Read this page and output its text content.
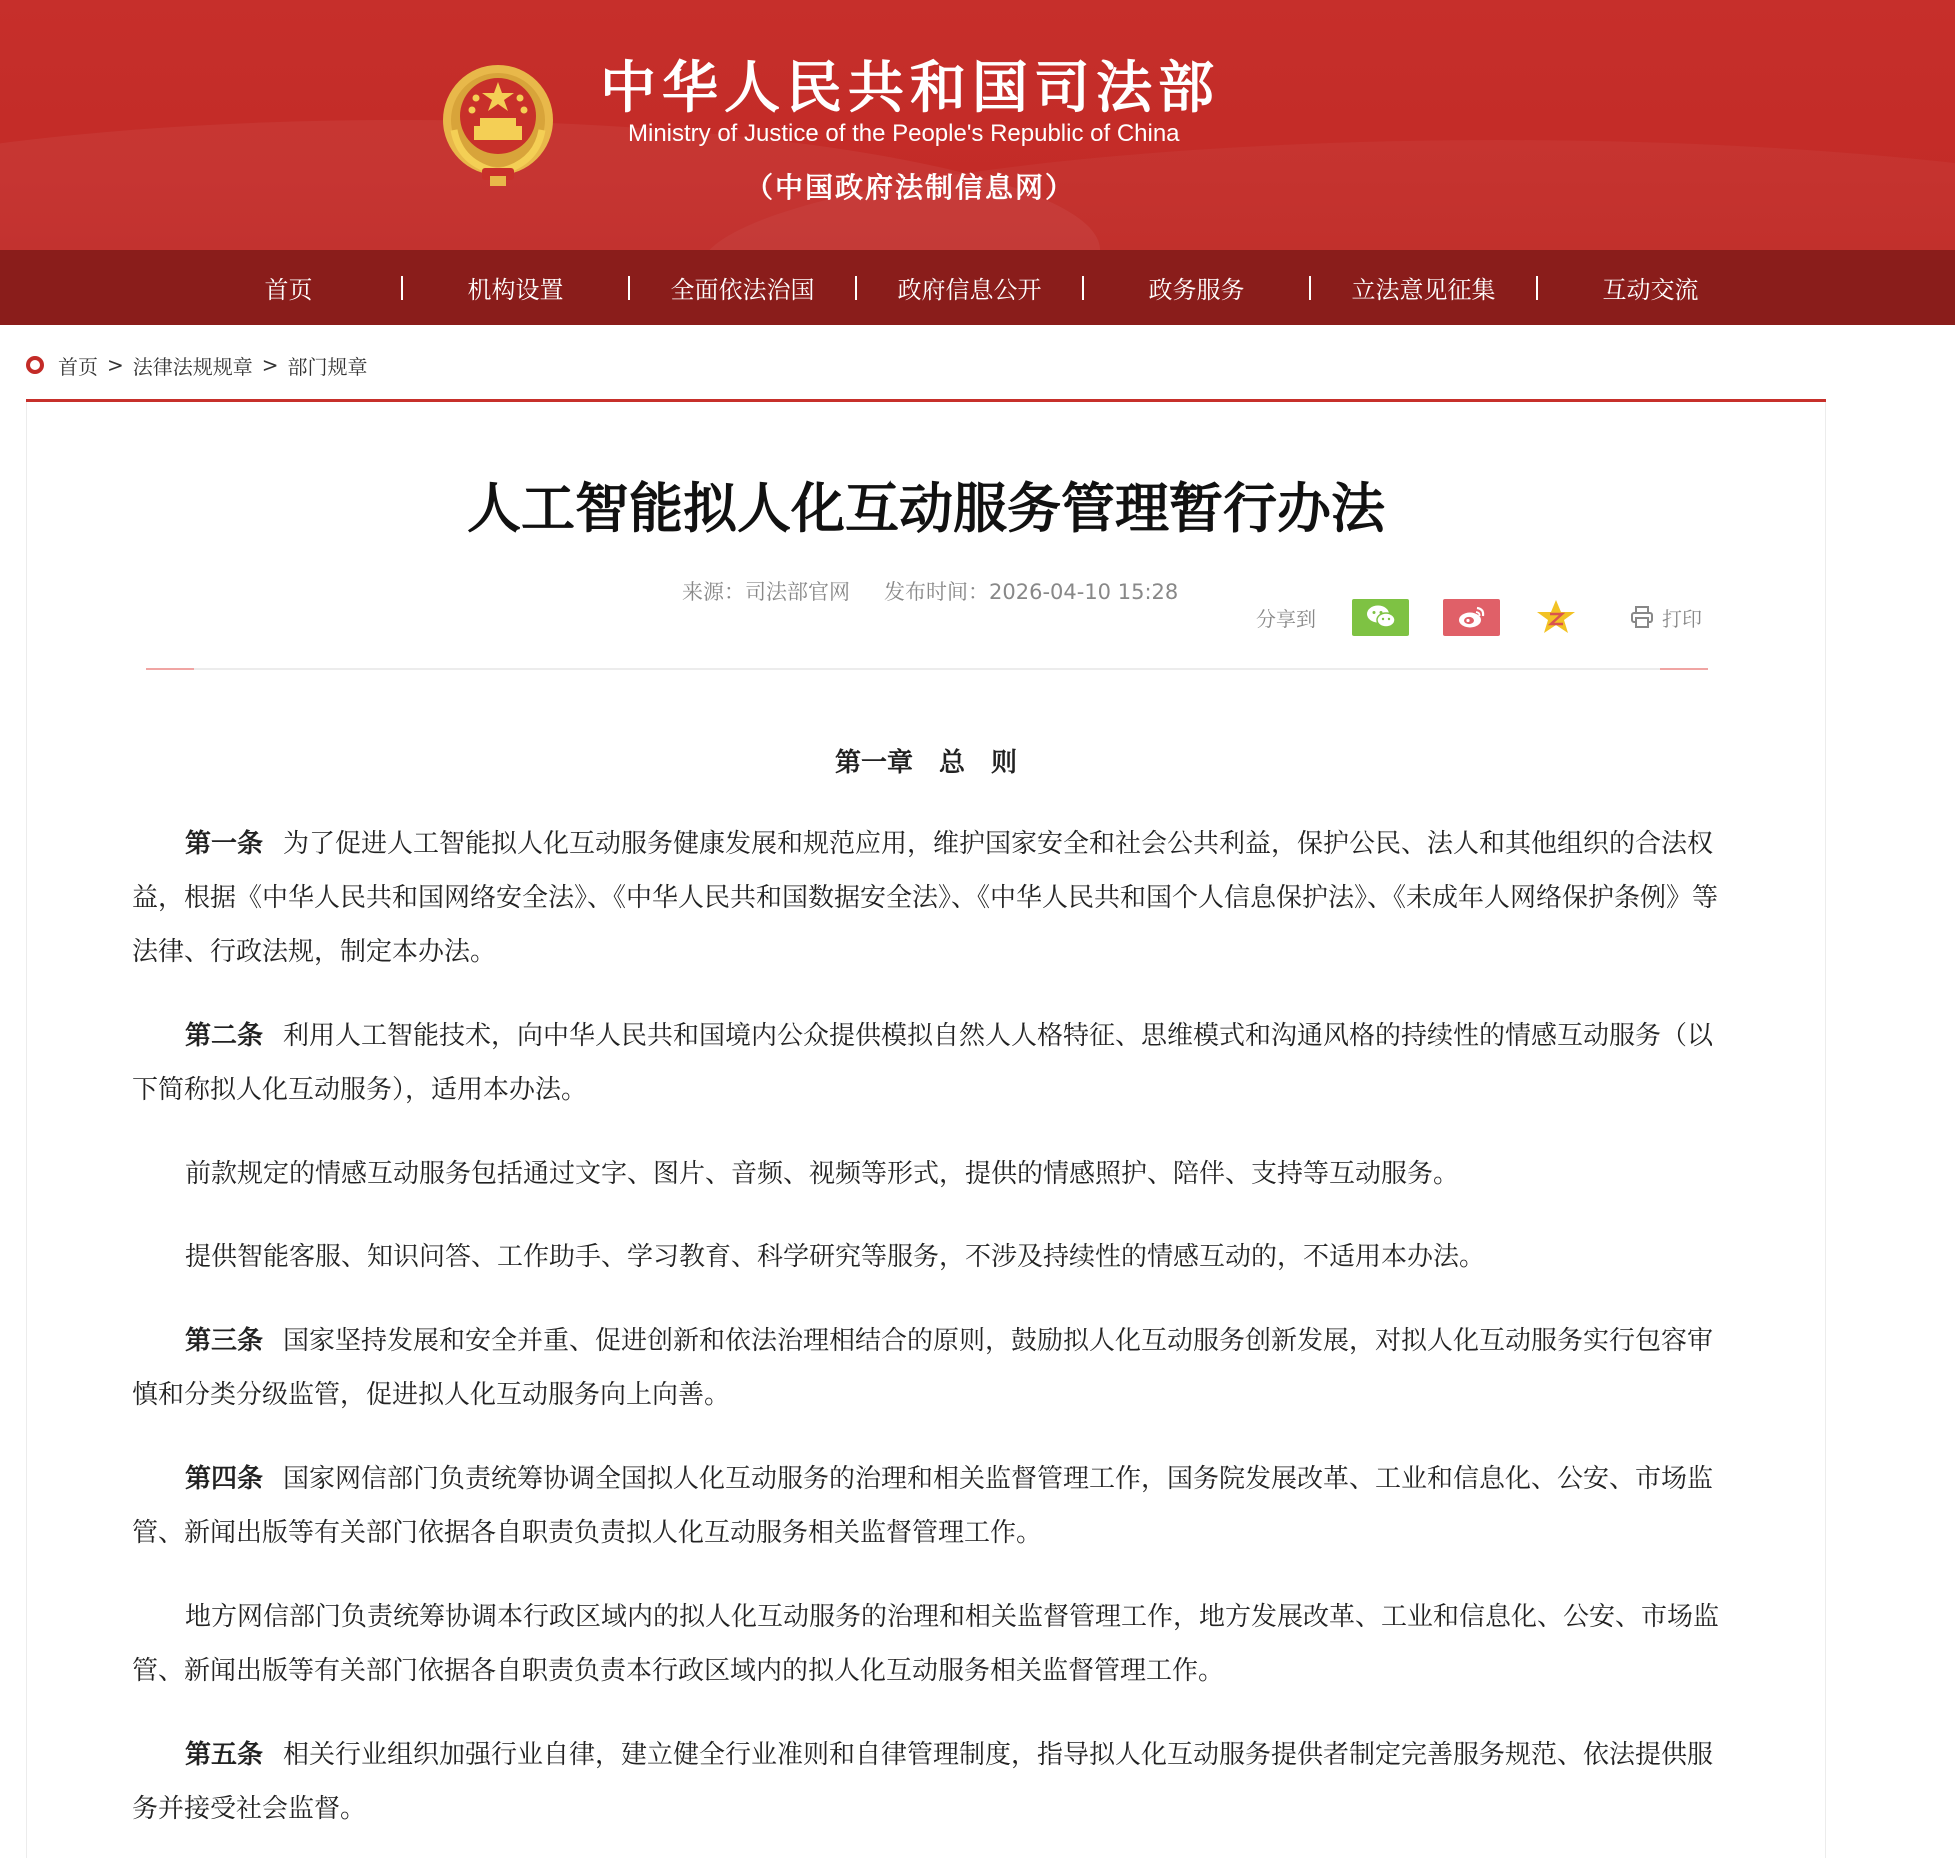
中华人民共和国司法部
Ministry of Justice of the People's Republic of China
（中国政府法制信息网）
首页	机构设置	全面依法治国	政府信息公开	政务服务	立法意见征集	互动交流
首页 > 法律法规规章 > 部门规章
人工智能拟人化互动服务管理暂行办法
来源：司法部官网 发布时间：2026-04-10 15:28
分享到	打印
第一章　总　则

第一条 为了促进人工智能拟人化互动服务健康发展和规范应用，维护国家安全和社会公共利益，保护公民、法人和其他组织的合法权益，根据《中华人民共和国网络安全法》、《中华人民共和国数据安全法》、《中华人民共和国个人信息保护法》、《未成年人网络保护条例》等法律、行政法规，制定本办法。

第二条 利用人工智能技术，向中华人民共和国境内公众提供模拟自然人人格特征、思维模式和沟通风格的持续性的情感互动服务（以下简称拟人化互动服务），适用本办法。

前款规定的情感互动服务包括通过文字、图片、音频、视频等形式，提供的情感照护、陪伴、支持等互动服务。

提供智能客服、知识问答、工作助手、学习教育、科学研究等服务，不涉及持续性的情感互动的，不适用本办法。

第三条 国家坚持发展和安全并重、促进创新和依法治理相结合的原则，鼓励拟人化互动服务创新发展，对拟人化互动服务实行包容审慎和分类分级监管，促进拟人化互动服务向上向善。

第四条 国家网信部门负责统筹协调全国拟人化互动服务的治理和相关监督管理工作，国务院发展改革、工业和信息化、公安、市场监管、新闻出版等有关部门依据各自职责负责拟人化互动服务相关监督管理工作。

地方网信部门负责统筹协调本行政区域内的拟人化互动服务的治理和相关监督管理工作，地方发展改革、工业和信息化、公安、市场监管、新闻出版等有关部门依据各自职责负责本行政区域内的拟人化互动服务相关监督管理工作。

第五条 相关行业组织加强行业自律，建立健全行业准则和自律管理制度，指导拟人化互动服务提供者制定完善服务规范、依法提供服务并接受社会监督。
